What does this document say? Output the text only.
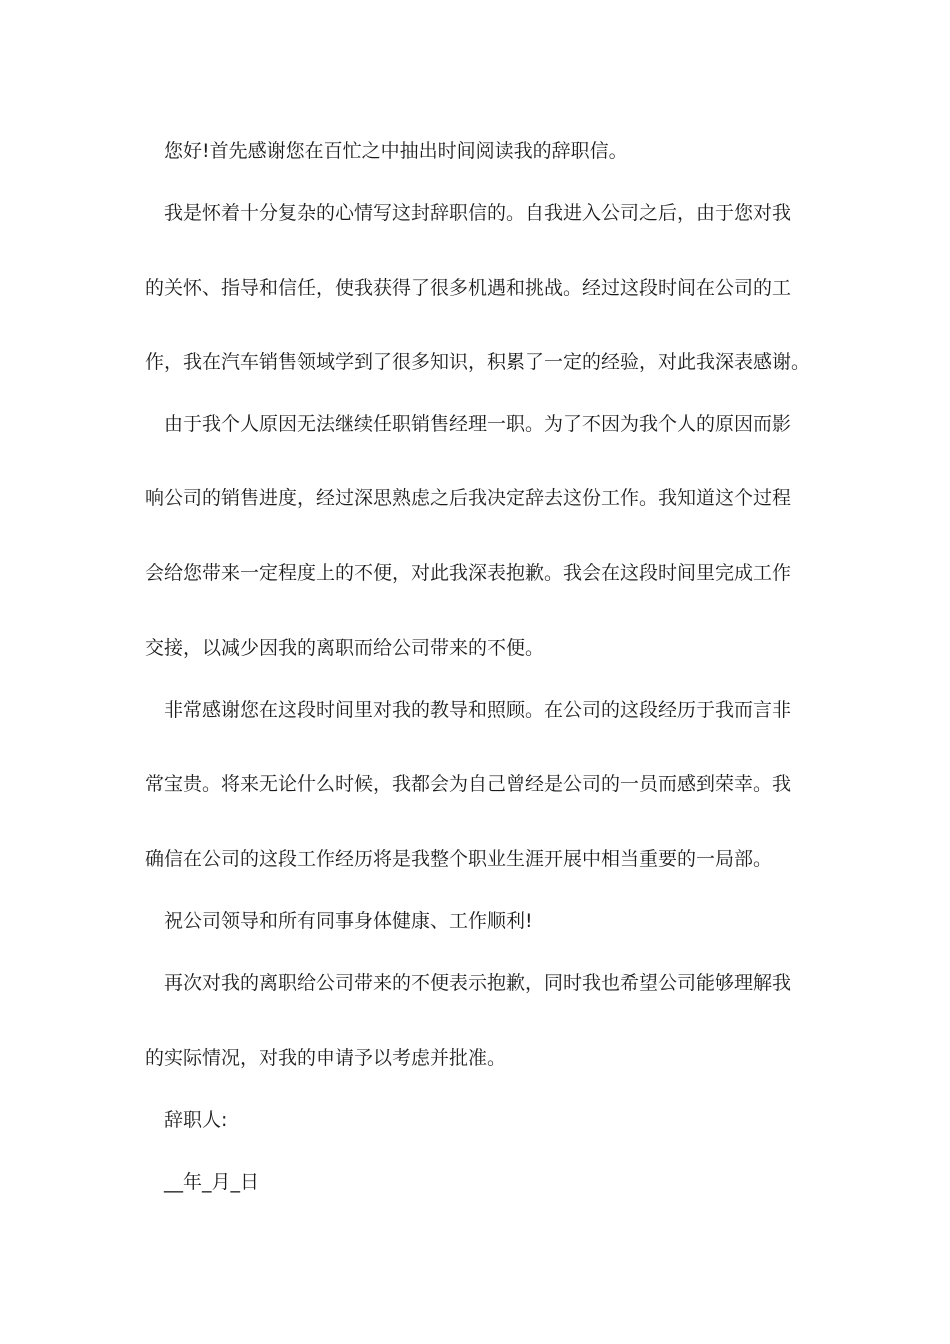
您好!首先感谢您在百忙之中抽出时间阅读我的辞职信。
我是怀着十分复杂的心情写这封辞职信的。自我进入公司之后，由于您对我
的关怀、指导和信任，使我获得了很多机遇和挑战。经过这段时间在公司的工
作，我在汽车销售领域学到了很多知识，积累了一定的经验，对此我深表感谢。
由于我个人原因无法继续任职销售经理一职。为了不因为我个人的原因而影
响公司的销售进度，经过深思熟虑之后我决定辞去这份工作。我知道这个过程
会给您带来一定程度上的不便，对此我深表抱歉。我会在这段时间里完成工作
交接，以减少因我的离职而给公司带来的不便。
非常感谢您在这段时间里对我的教导和照顾。在公司的这段经历于我而言非
常宝贵。将来无论什么时候，我都会为自己曾经是公司的一员而感到荣幸。我
确信在公司的这段工作经历将是我整个职业生涯开展中相当重要的一局部。
祝公司领导和所有同事身体健康、工作顺利!
再次对我的离职给公司带来的不便表示抱歉，同时我也希望公司能够理解我
的实际情况，对我的申请予以考虑并批准。
辞职人:
__年_月_日
